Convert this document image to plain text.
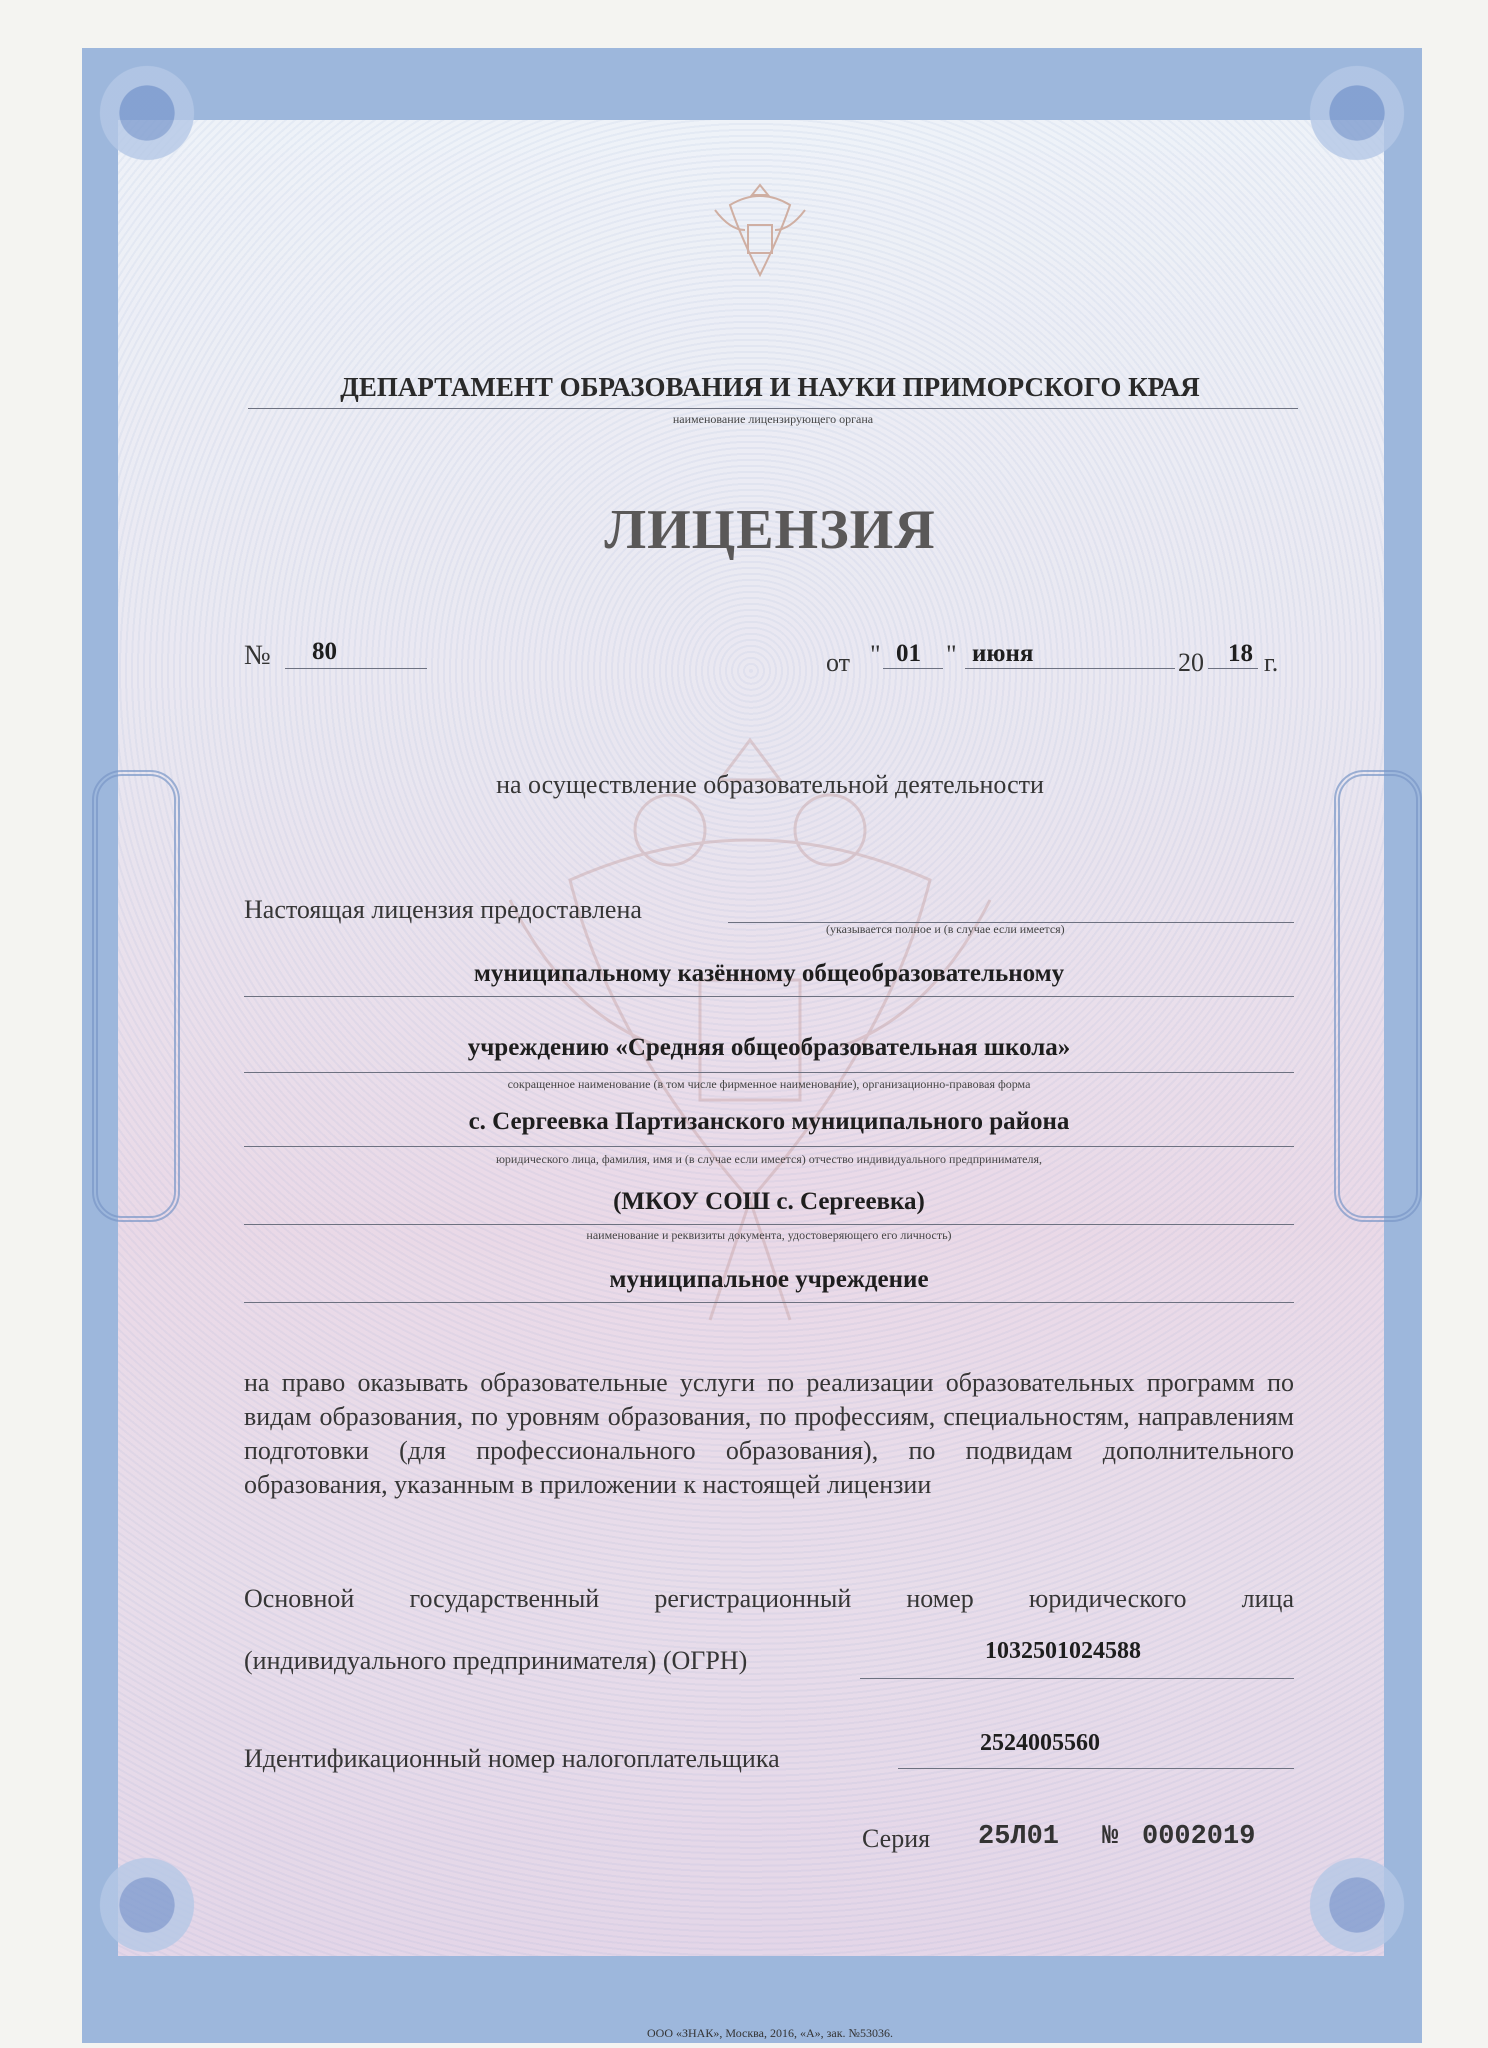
ДЕПАРТАМЕНТ ОБРАЗОВАНИЯ И НАУКИ ПРИМОРСКОГО КРАЯ
наименование лицензирующего органа
ЛИЦЕНЗИЯ
№ 80	от " 01 " июня	20 18 г.
на осуществление образовательной деятельности
Настоящая лицензия предоставлена
(указывается полное и (в случае если имеется)
муниципальному казённому общеобразовательному
учреждению «Средняя общеобразовательная школа»
сокращенное наименование (в том числе фирменное наименование), организационно-правовая форма
с. Сергеевка Партизанского муниципального района
юридического лица, фамилия, имя и (в случае если имеется) отчество индивидуального предпринимателя,
(МКОУ СОШ с. Сергеевка)
наименование и реквизиты документа, удостоверяющего его личность)
муниципальное учреждение
на право оказывать образовательные услуги по реализации образовательных программ по видам образования, по уровням образования, по профессиям, специальностям, направлениям подготовки (для профессионального образования), по подвидам дополнительного образования, указанным в приложении к настоящей лицензии
Основной государственный регистрационный номер юридического лица
(индивидуального предпринимателя) (ОГРН)	1032501024588
Идентификационный номер налогоплательщика
2524005560
Серия 25Л01 № 0002019
ООО «ЗНАК», Москва, 2016, «А», зак. №53036.
